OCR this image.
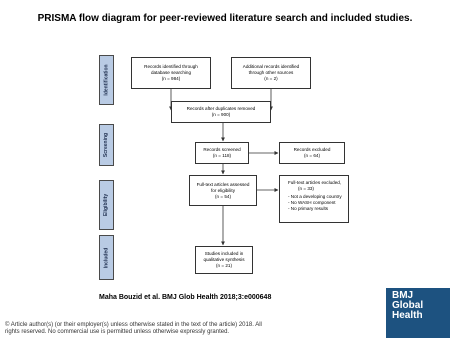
PRISMA flow diagram for peer-reviewed literature search and included studies.
Identification
Screening
Eligibility
Included
Records identified through
database searching
(n = 984)
Additional records identified
through other sources
(n = 2)
Records after duplicates removed
(n = 900)
Records screened
(n = 118)
Records excluded
(n = 64)
Full-text articles assessed
for eligibility
(n = 54)
Full-text articles excluded,
(n = 33)
- Not a developing country
- No WASH component
- No primary results
Studies included in
qualitative synthesis
(n = 21)
Maha Bouzid et al. BMJ Glob Health 2018;3:e000648
© Article author(s) (or their employer(s) unless otherwise stated in the text of the article) 2018. All
rights reserved. No commercial use is permitted unless otherwise expressly granted.
BMJ
Global
Health
